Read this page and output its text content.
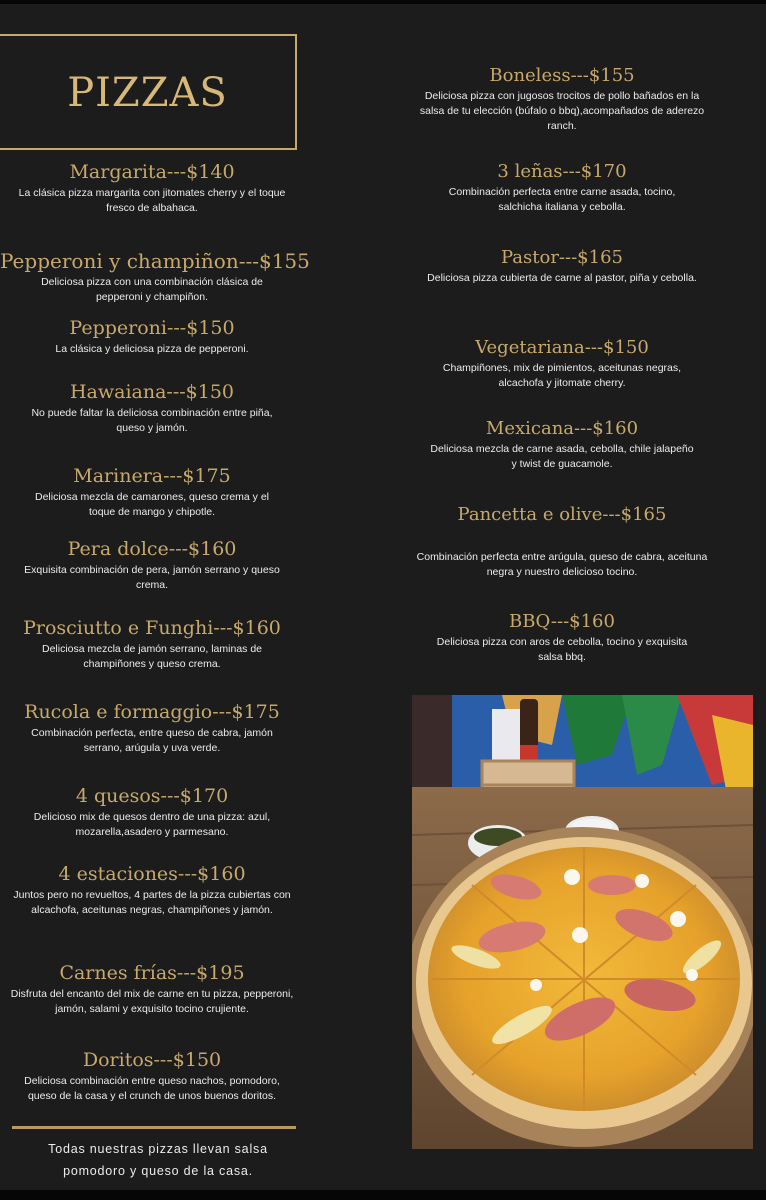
PIZZAS
Margarita---$140
La clásica pizza margarita con jitomates cherry y el toque fresco de albahaca.
Pepperoni y champiñon---$155
Deliciosa pizza con una combinación clásica de pepperoni y champiñon.
Pepperoni---$150
La clásica y deliciosa pizza de pepperoni.
Hawaiana---$150
No puede faltar la deliciosa combinación entre piña, queso y jamón.
Marinera---$175
Deliciosa mezcla de camarones, queso crema y el toque de mango y chipotle.
Pera dolce---$160
Exquisita combinación de pera, jamón serrano y queso crema.
Prosciutto e Funghi---$160
Deliciosa mezcla de jamón serrano, laminas de champiñones y queso crema.
Rucola e formaggio---$175
Combinación perfecta, entre queso de cabra, jamón serrano, arúgula y uva verde.
4 quesos---$170
Delicioso mix de quesos dentro de una pizza: azul, mozarella,asadero y parmesano.
4 estaciones---$160
Juntos pero no revueltos, 4 partes de la pizza cubiertas con alcachofa, aceitunas negras, champiñones y jamón.
Carnes frías---$195
Disfruta del encanto del mix de carne en tu pizza, pepperoni, jamón, salami y exquisito tocino crujiente.
Doritos---$150
Deliciosa combinación entre queso nachos, pomodoro, queso de la casa y el crunch de unos buenos doritos.
Todas nuestras pizzas llevan salsa
pomodoro y queso de la casa.
Boneless---$155
Deliciosa pizza con jugosos trocitos de pollo bañados en la salsa de tu elección (búfalo o bbq),acompañados de aderezo ranch.
3 leñas---$170
Combinación perfecta entre carne asada, tocino, salchicha italiana y cebolla.
Pastor---$165
Deliciosa pizza cubierta de carne al pastor, piña y cebolla.
Vegetariana---$150
Champiñones, mix de pimientos, aceitunas negras, alcachofa y jitomate cherry.
Mexicana---$160
Deliciosa mezcla de carne asada, cebolla, chile jalapeño y twist de guacamole.
Pancetta e olive---$165
Combinación perfecta entre arúgula, queso de cabra, aceituna negra y nuestro delicioso tocino.
BBQ---$160
Deliciosa pizza con aros de cebolla, tocino y exquisita salsa bbq.
